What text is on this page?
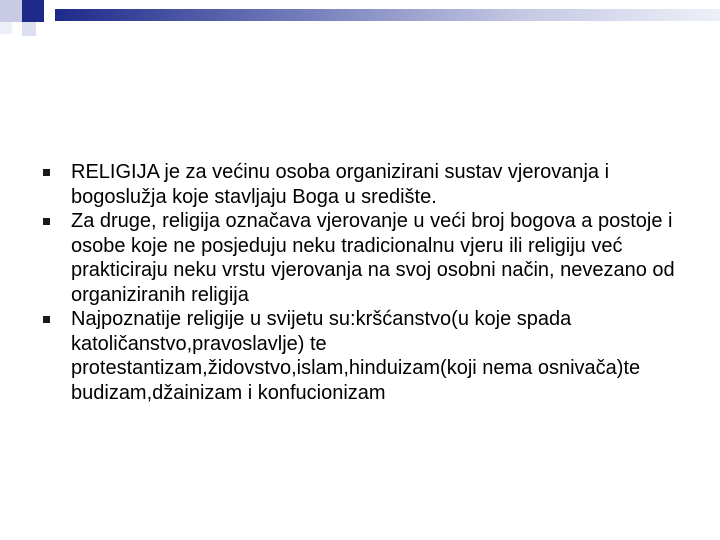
RELIGIJA je za većinu osoba organizirani sustav vjerovanja i bogoslužja koje stavljaju Boga u središte.
Za druge, religija označava vjerovanje u veći broj bogova a postoje i osobe koje ne posjeduju neku tradicionalnu vjeru ili religiju već prakticiraju neku vrstu vjerovanja na svoj osobni način, nevezano od organiziranih religija
Najpoznatije religije u svijetu su:kršćanstvo(u koje spada katoličanstvo,pravoslavlje) te protestantizam,židovstvo,islam,hinduizam(koji nema osnivača)te budizam,džainizam i konfucionizam
